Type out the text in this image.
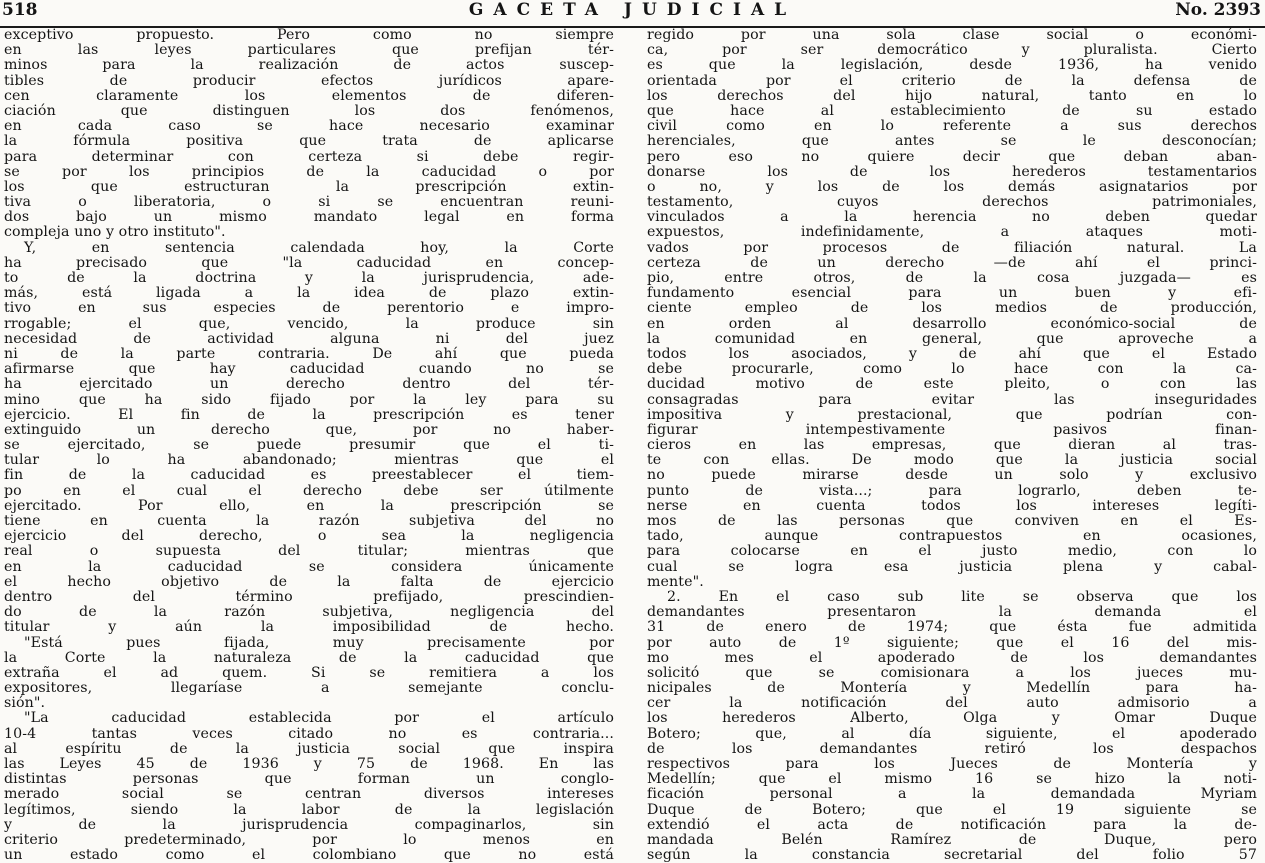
518	GACETA JUDICIAL	No. 2393
exceptivo propuesto. Pero como no siempre
en las leyes particulares que prefijan tér-
minos para la realización de actos suscep-
tibles de producir efectos jurídicos apare-
cen claramente los elementos de diferen-
ciación que distinguen los dos fenómenos,
en cada caso se hace necesario examinar
la fórmula positiva que trata de aplicarse
para determinar con certeza si debe regir-
se por los principios de la caducidad o por
los que estructuran la prescripción extin-
tiva o liberatoria, o si se encuentran reuni-
dos bajo un mismo mandato legal en forma
compleja uno y otro instituto".
Y, en sentencia calendada hoy, la Corte
ha precisado que "la caducidad en concep-
to de la doctrina y la jurisprudencia, ade-
más, está ligada a la idea de plazo extin-
tivo en sus especies de perentorio e impro-
rrogable; el que, vencido, la produce sin
necesidad de actividad alguna ni del juez
ni de la parte contraria. De ahí que pueda
afirmarse que hay caducidad cuando no se
ha ejercitado un derecho dentro del tér-
mino que ha sido fijado por la ley para su
ejercicio. El fin de la prescripción es tener
extinguido un derecho que, por no haber-
se ejercitado, se puede presumir que el ti-
tular lo ha abandonado; mientras que el
fin de la caducidad es preestablecer el tiem-
po en el cual el derecho debe ser útilmente
ejercitado. Por ello, en la prescripción se
tiene en cuenta la razón subjetiva del no
ejercicio del derecho, o sea la negligencia
real o supuesta del titular; mientras que
en la caducidad se considera únicamente
el hecho objetivo de la falta de ejercicio
dentro del término prefijado, prescindien-
do de la razón subjetiva, negligencia del
titular y aún la imposibilidad de hecho.
"Está pues fijada, muy precisamente por
la Corte la naturaleza de la caducidad que
extraña el ad quem. Si se remitiera a los
expositores, llegaríase a semejante conclu-
sión".
"La caducidad establecida por el artículo
10-4 tantas veces citado no es contraria...
al espíritu de la justicia social que inspira
las Leyes 45 de 1936 y 75 de 1968. En las
distintas personas que forman un conglo-
merado social se centran diversos intereses
legítimos, siendo la labor de la legislación
y de la jurisprudencia compaginarlos, sin
criterio predeterminado, por lo menos en
un estado como el colombiano que no está
regido por una sola clase social o económi-
ca, por ser democrático y pluralista. Cierto
es que la legislación, desde 1936, ha venido
orientada por el criterio de la defensa de
los derechos del hijo natural, tanto en lo
que hace al establecimiento de su estado
civil como en lo referente a sus derechos
herenciales, que antes se le desconocían;
pero eso no quiere decir que deban aban-
donarse los de los herederos testamentarios
o no, y los de los demás asignatarios por
testamento, cuyos derechos patrimoniales,
vinculados a la herencia no deben quedar
expuestos, indefinidamente, a ataques moti-
vados por procesos de filiación natural. La
certeza de un derecho —de ahí el princi-
pio, entre otros, de la cosa juzgada— es
fundamento esencial para un buen y efi-
ciente empleo de los medios de producción,
en orden al desarrollo económico-social de
la comunidad en general, que aproveche a
todos los asociados, y de ahí que el Estado
debe procurarle, como lo hace con la ca-
ducidad motivo de este pleito, o con las
consagradas para evitar las inseguridades
impositiva y prestacional, que podrían con-
figurar intempestivamente pasivos finan-
cieros en las empresas, que dieran al tras-
te con ellas. De modo que la justicia social
no puede mirarse desde un solo y exclusivo
punto de vista...; para lograrlo, deben te-
nerse en cuenta todos los intereses legíti-
mos de las personas que conviven en el Es-
tado, aunque contrapuestos en ocasiones,
para colocarse en el justo medio, con lo
cual se logra esa justicia plena y cabal-
mente".
2. En el caso sub lite se observa que los
demandantes presentaron la demanda el
31 de enero de 1974; que ésta fue admitida
por auto de 1º siguiente; que el 16 del mis-
mo mes el apoderado de los demandantes
solicitó que se comisionara a los jueces mu-
nicipales de Montería y Medellín para ha-
cer la notificación del auto admisorio a
los herederos Alberto, Olga y Omar Duque
Botero; que, al día siguiente, el apoderado
de los demandantes retiró los despachos
respectivos para los Jueces de Montería y
Medellín; que el mismo 16 se hizo la noti-
ficación personal a la demandada Myriam
Duque de Botero; que el 19 siguiente se
extendió el acta de notificación para la de-
mandada Belén Ramírez de Duque, pero
según la constancia secretarial del folio 57
